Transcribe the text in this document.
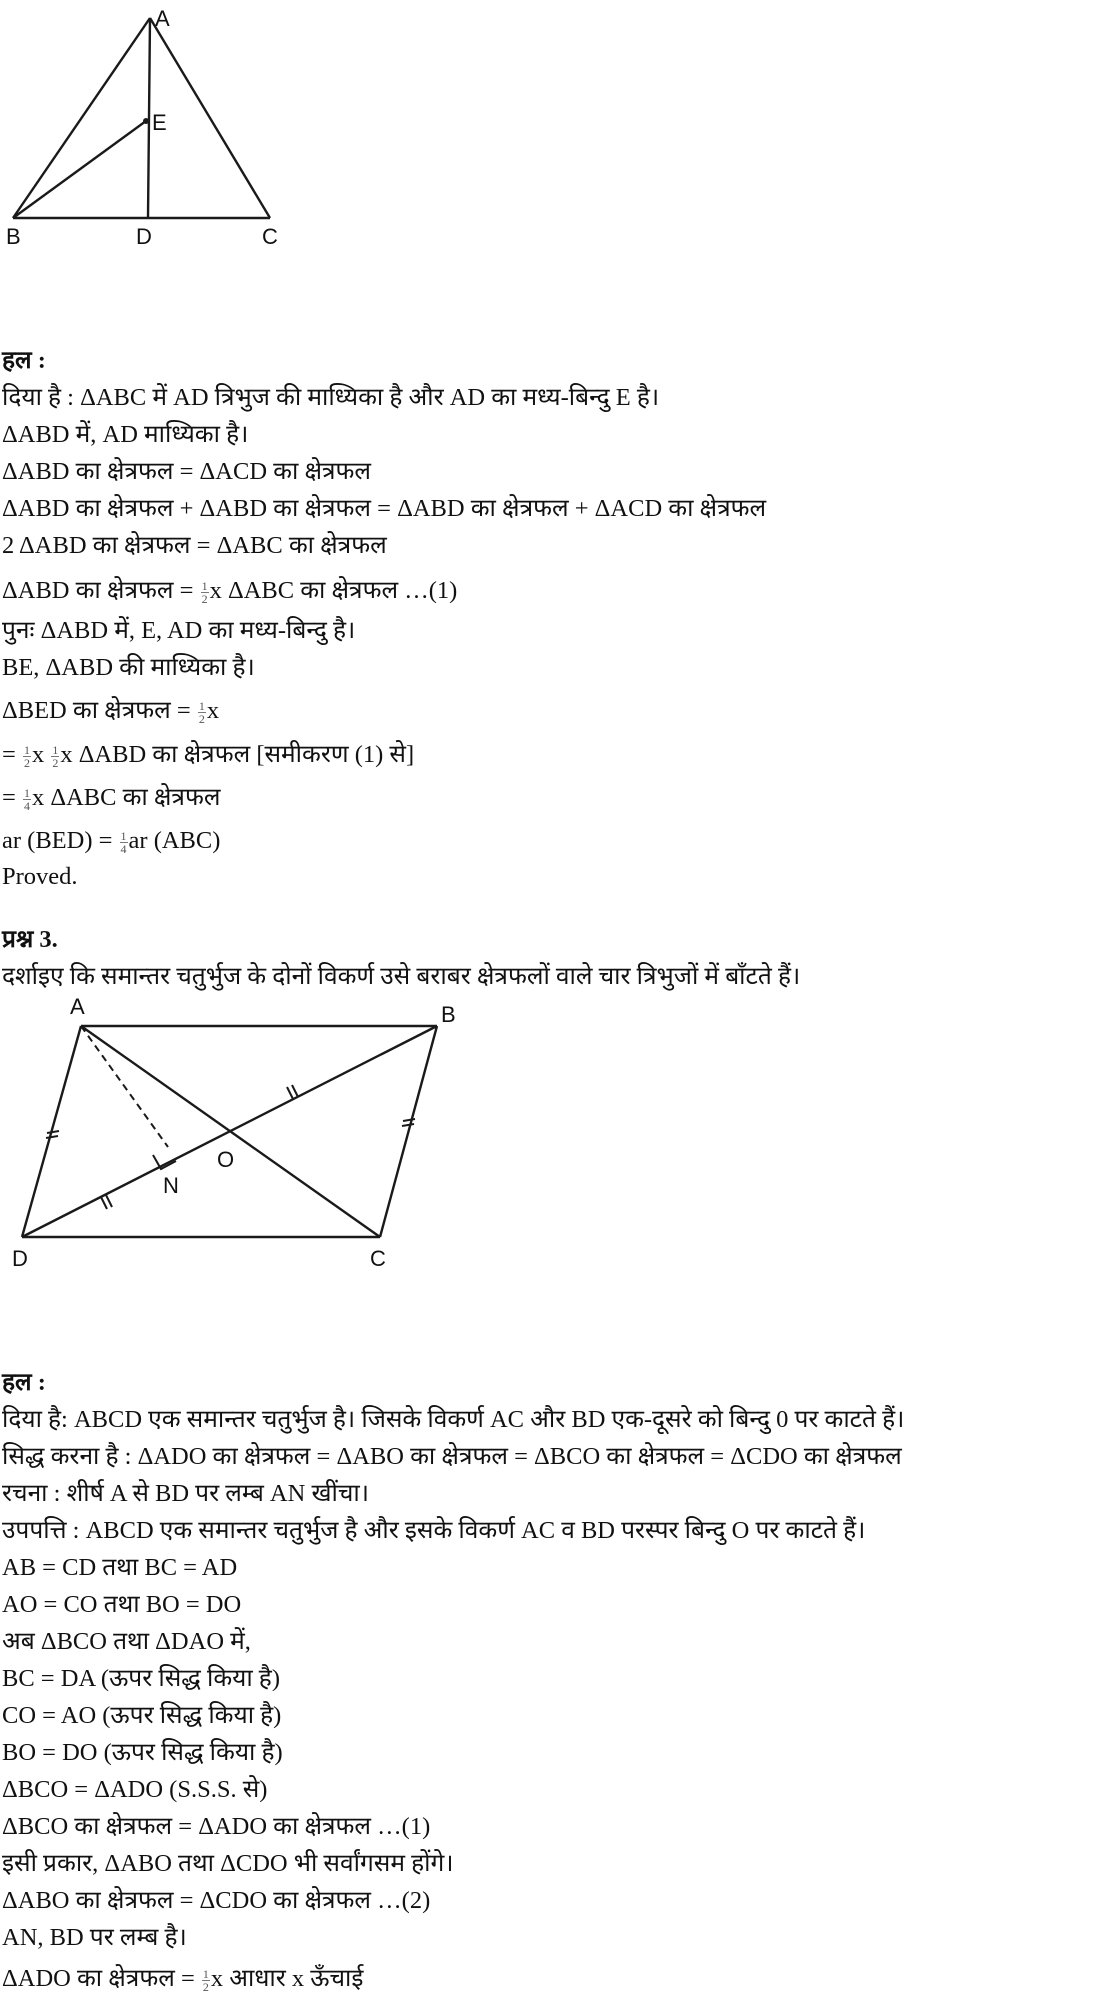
A
E
B	D	C
हल :
दिया है : ΔABC में AD त्रिभुज की माध्यिका है और AD का मध्य-बिन्दु E है।
ΔABD में, AD माध्यिका है।
ΔABD का क्षेत्रफल = ΔACD का क्षेत्रफल
ΔABD का क्षेत्रफल + ΔABD का क्षेत्रफल = ΔABD का क्षेत्रफल + ΔACD का क्षेत्रफल
2 ΔABD का क्षेत्रफल = ΔABC का क्षेत्रफल
ΔABD का क्षेत्रफल = $\frac{1}{2}$ x ΔABC का क्षेत्रफल …(1)
पुनः ΔABD में, E, AD का मध्य-बिन्दु है।
BE, ΔABD की माध्यिका है।
ΔBED का क्षेत्रफल = $\frac{1}{2}$ x
= $\frac{1}{2}$ x $\frac{1}{2}$ x ΔABD का क्षेत्रफल [समीकरण (1) से]
= $\frac{1}{4}$ x ΔABC का क्षेत्रफल
ar $(BED) = \frac{1}{4}$ ar (ABC)
Proved.
प्रश्न 3.
दर्शाइए कि समान्तर चतुर्भुज के दोनों विकर्ण उसे बराबर क्षेत्रफलों वाले चार त्रिभुजों में बाँटते हैं।
A	B
O
N
D	C
हल :
दिया है: ABCD एक समान्तर चतुर्भुज है। जिसके विकर्ण AC और BD एक-दूसरे को बिन्दु 0 पर काटते हैं।
सिद्ध करना है : ΔADO का क्षेत्रफल = ΔABO का क्षेत्रफल = ΔBCO का क्षेत्रफल = ΔCDO का क्षेत्रफल
रचना : शीर्ष A से BD पर लम्ब AN खींचा।
उपपत्ति : ABCD एक समान्तर चतुर्भुज है और इसके विकर्ण AC व BD परस्पर बिन्दु O पर काटते हैं।
AB = CD तथा BC = AD
AO = CO तथा BO = DO
अब ΔBCO तथा ΔDAO में,
BC = DA (ऊपर सिद्ध किया है)
CO = AO (ऊपर सिद्ध किया है)
BO = DO (ऊपर सिद्ध किया है)
ΔBCO = ΔADO (S.S.S. से)
ΔBCO का क्षेत्रफल = ΔADO का क्षेत्रफल …(1)
इसी प्रकार, ΔABO तथा ΔCDO भी सर्वांगसम होंगे।
ΔABO का क्षेत्रफल = ΔCDO का क्षेत्रफल …(2)
AN, BD पर लम्ब है।
ΔADO का क्षेत्रफल = $\frac{1}{2}$ x आधार x ऊँचाई
